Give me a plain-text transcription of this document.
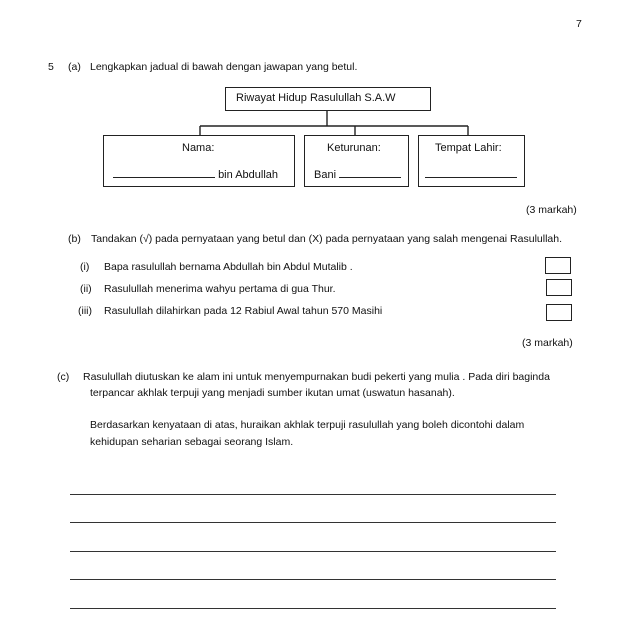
7
5 (a) Lengkapkan jadual di bawah dengan jawapan yang betul.
Riwayat Hidup Rasulullah S.A.W
Nama:
bin Abdullah
Keturunan:
Bani
Tempat Lahir:
(3 markah)
(b) Tandakan (√) pada pernyataan yang betul dan (X) pada pernyataan yang salah mengenai Rasulullah.
(i) Bapa rasulullah bernama Abdullah bin Abdul Mutalib .
(ii) Rasulullah menerima wahyu pertama di gua Thur.
(iii) Rasulullah dilahirkan pada 12 Rabiul Awal tahun 570 Masihi
(3 markah)
(c) Rasulullah diutuskan ke alam ini untuk menyempurnakan budi pekerti yang mulia . Pada diri baginda
terpancar akhlak terpuji yang menjadi sumber ikutan umat (uswatun hasanah).
Berdasarkan kenyataan di atas, huraikan akhlak terpuji rasulullah yang boleh dicontohi dalam
kehidupan seharian sebagai seorang Islam.
